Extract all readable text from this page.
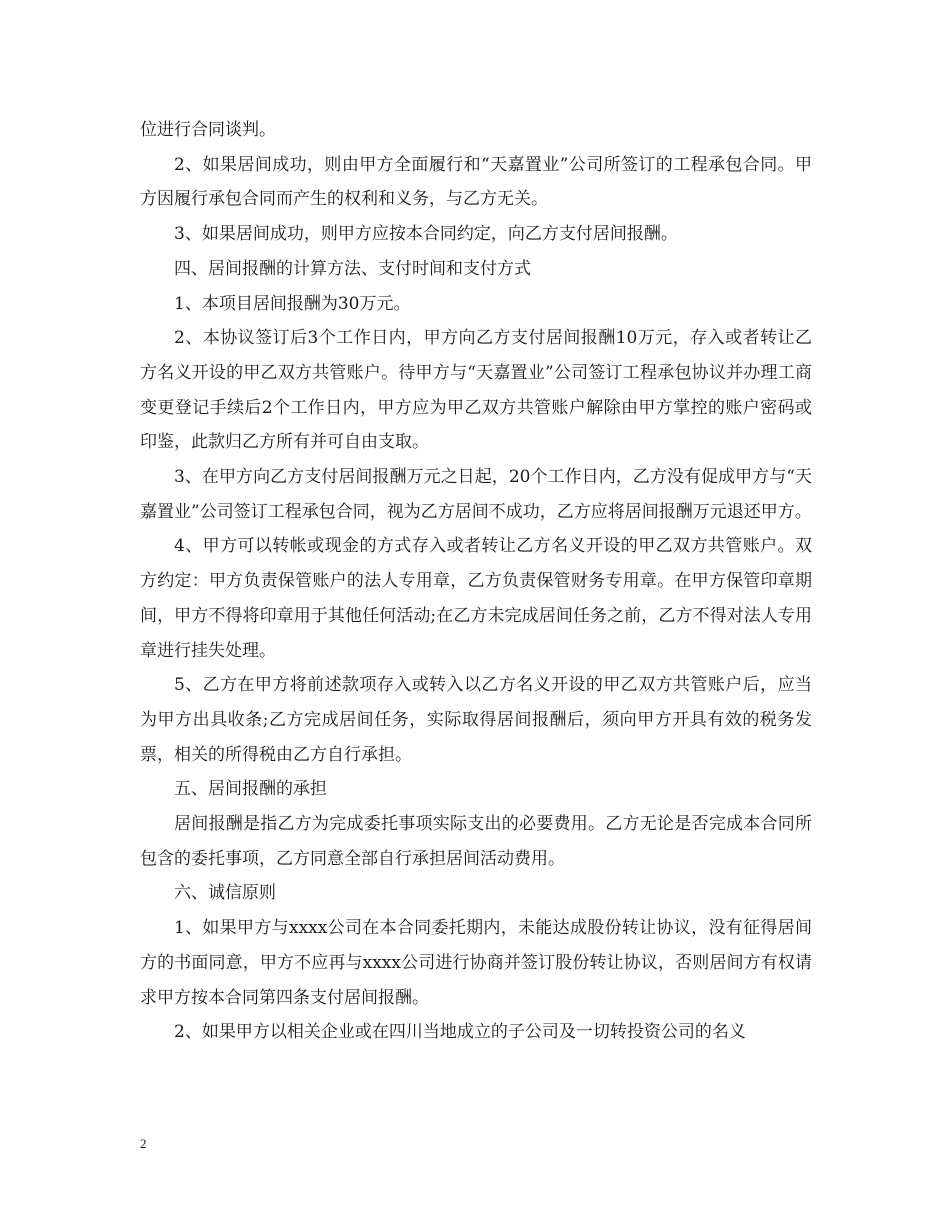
位进行合同谈判。

2、如果居间成功，则由甲方全面履行和“天嘉置业”公司所签订的工程承包合同。甲方因履行承包合同而产生的权利和义务，与乙方无关。

3、如果居间成功，则甲方应按本合同约定，向乙方支付居间报酬。

四、居间报酬的计算方法、支付时间和支付方式

1、本项目居间报酬为30万元。

2、本协议签订后3个工作日内，甲方向乙方支付居间报酬10万元，存入或者转让乙方名义开设的甲乙双方共管账户。待甲方与“天嘉置业”公司签订工程承包协议并办理工商变更登记手续后2个工作日内，甲方应为甲乙双方共管账户解除由甲方掌控的账户密码或印鉴，此款归乙方所有并可自由支取。

3、在甲方向乙方支付居间报酬万元之日起，20个工作日内，乙方没有促成甲方与“天嘉置业”公司签订工程承包合同，视为乙方居间不成功，乙方应将居间报酬万元退还甲方。

4、甲方可以转帐或现金的方式存入或者转让乙方名义开设的甲乙双方共管账户。双方约定：甲方负责保管账户的法人专用章，乙方负责保管财务专用章。在甲方保管印章期间，甲方不得将印章用于其他任何活动;在乙方未完成居间任务之前，乙方不得对法人专用章进行挂失处理。

5、乙方在甲方将前述款项存入或转入以乙方名义开设的甲乙双方共管账户后，应当为甲方出具收条;乙方完成居间任务，实际取得居间报酬后，须向甲方开具有效的税务发票，相关的所得税由乙方自行承担。

五、居间报酬的承担

居间报酬是指乙方为完成委托事项实际支出的必要费用。乙方无论是否完成本合同所包含的委托事项，乙方同意全部自行承担居间活动费用。

六、诚信原则

1、如果甲方与xxxx公司在本合同委托期内，未能达成股份转让协议，没有征得居间方的书面同意，甲方不应再与xxxx公司进行协商并签订股份转让协议，否则居间方有权请求甲方按本合同第四条支付居间报酬。

2、如果甲方以相关企业或在四川当地成立的子公司及一切转投资公司的名义

2
